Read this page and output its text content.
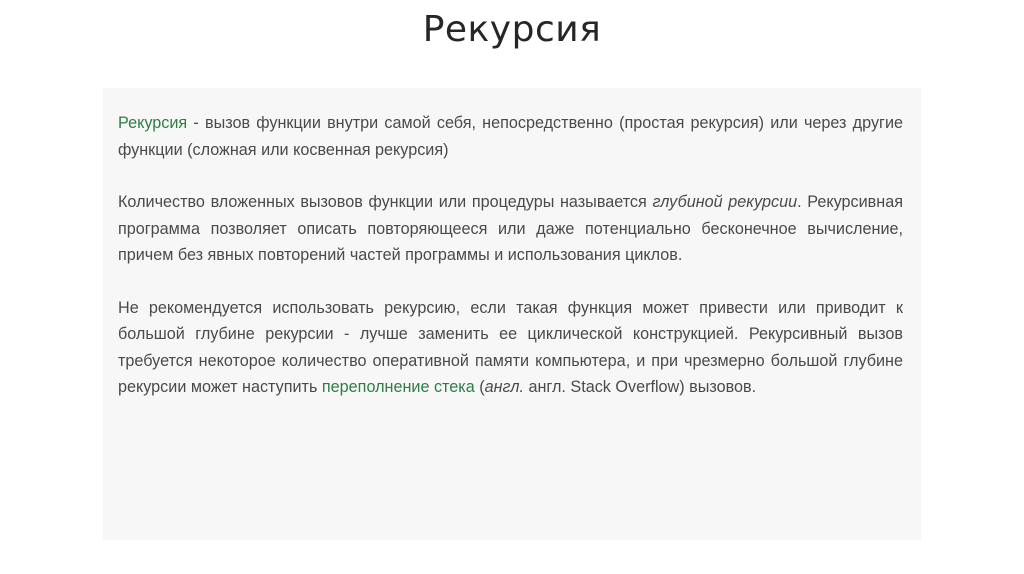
Рекурсия

Рекурсия - вызов функции внутри самой себя, непосредственно (простая рекурсия) или через другие функции (сложная или косвенная рекурсия)

Количество вложенных вызовов функции или процедуры называется глубиной рекурсии. Рекурсивная программа позволяет описать повторяющееся или даже потенциально бесконечное вычисление, причем без явных повторений частей программы и использования циклов.

Не рекомендуется использовать рекурсию, если такая функция может привести или приводит к большой глубине рекурсии - лучше заменить ее циклической конструкцией. Рекурсивный вызов требуется некоторое количество оперативной памяти компьютера, и при чрезмерно большой глубине рекурсии может наступить переполнение стека (англ. англ. Stack Overflow) вызовов.
